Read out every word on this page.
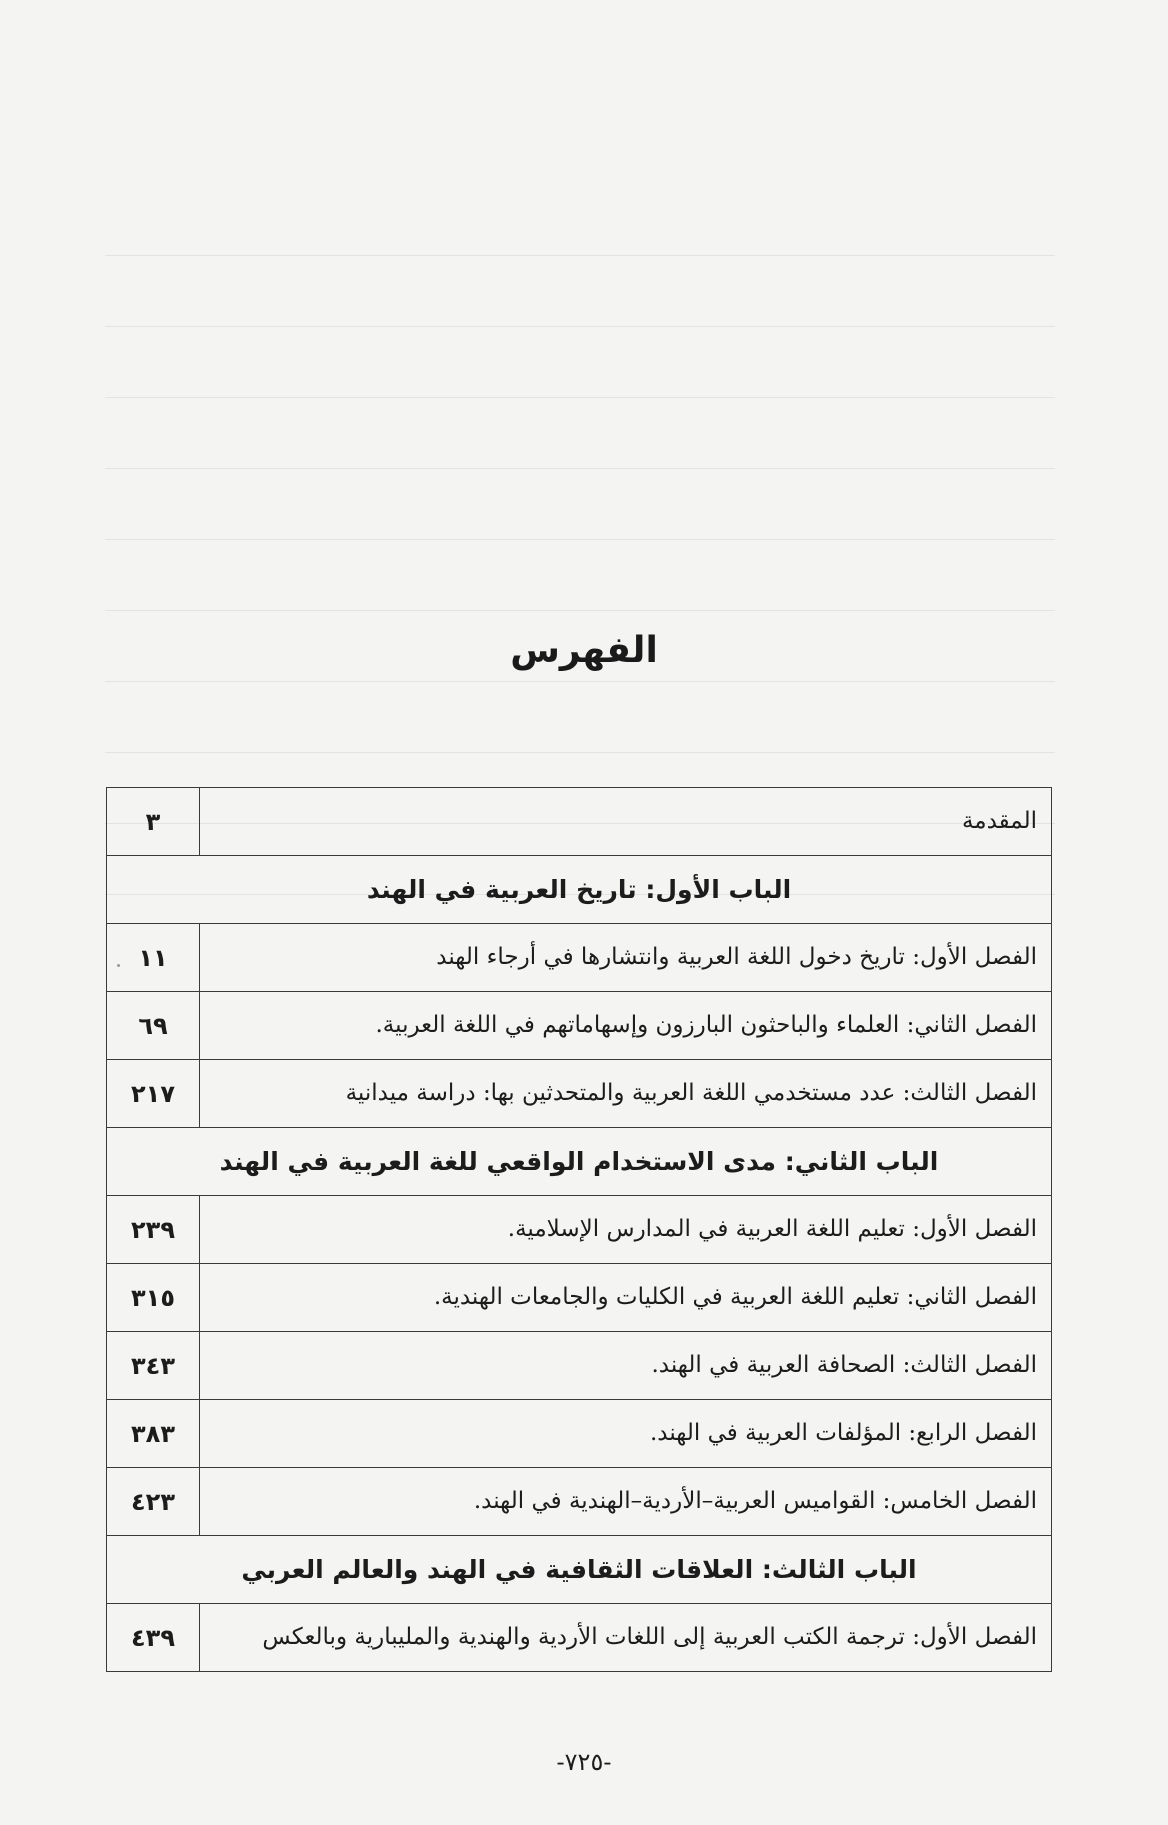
الفهرس
المقدمة	٣
الباب الأول: تاريخ العربية في الهند	
الفصل الأول: تاريخ دخول اللغة العربية وانتشارها في أرجاء الهند	١١
الفصل الثاني: العلماء والباحثون البارزون وإسهاماتهم في اللغة العربية.	٦٩
الفصل الثالث: عدد مستخدمي اللغة العربية والمتحدثين بها: دراسة ميدانية	٢١٧
الباب الثاني: مدى الاستخدام الواقعي للغة العربية في الهند	
الفصل الأول: تعليم اللغة العربية في المدارس الإسلامية.	٢٣٩
الفصل الثاني: تعليم اللغة العربية في الكليات والجامعات الهندية.	٣١٥
الفصل الثالث: الصحافة العربية في الهند.	٣٤٣
الفصل الرابع: المؤلفات العربية في الهند.	٣٨٣
الفصل الخامس: القواميس العربية–الأردية–الهندية في الهند.	٤٢٣
الباب الثالث: العلاقات الثقافية في الهند والعالم العربي	
الفصل الأول: ترجمة الكتب العربية إلى اللغات الأردية والهندية والمليبارية وبالعكس	٤٣٩
-٧٢٥-
